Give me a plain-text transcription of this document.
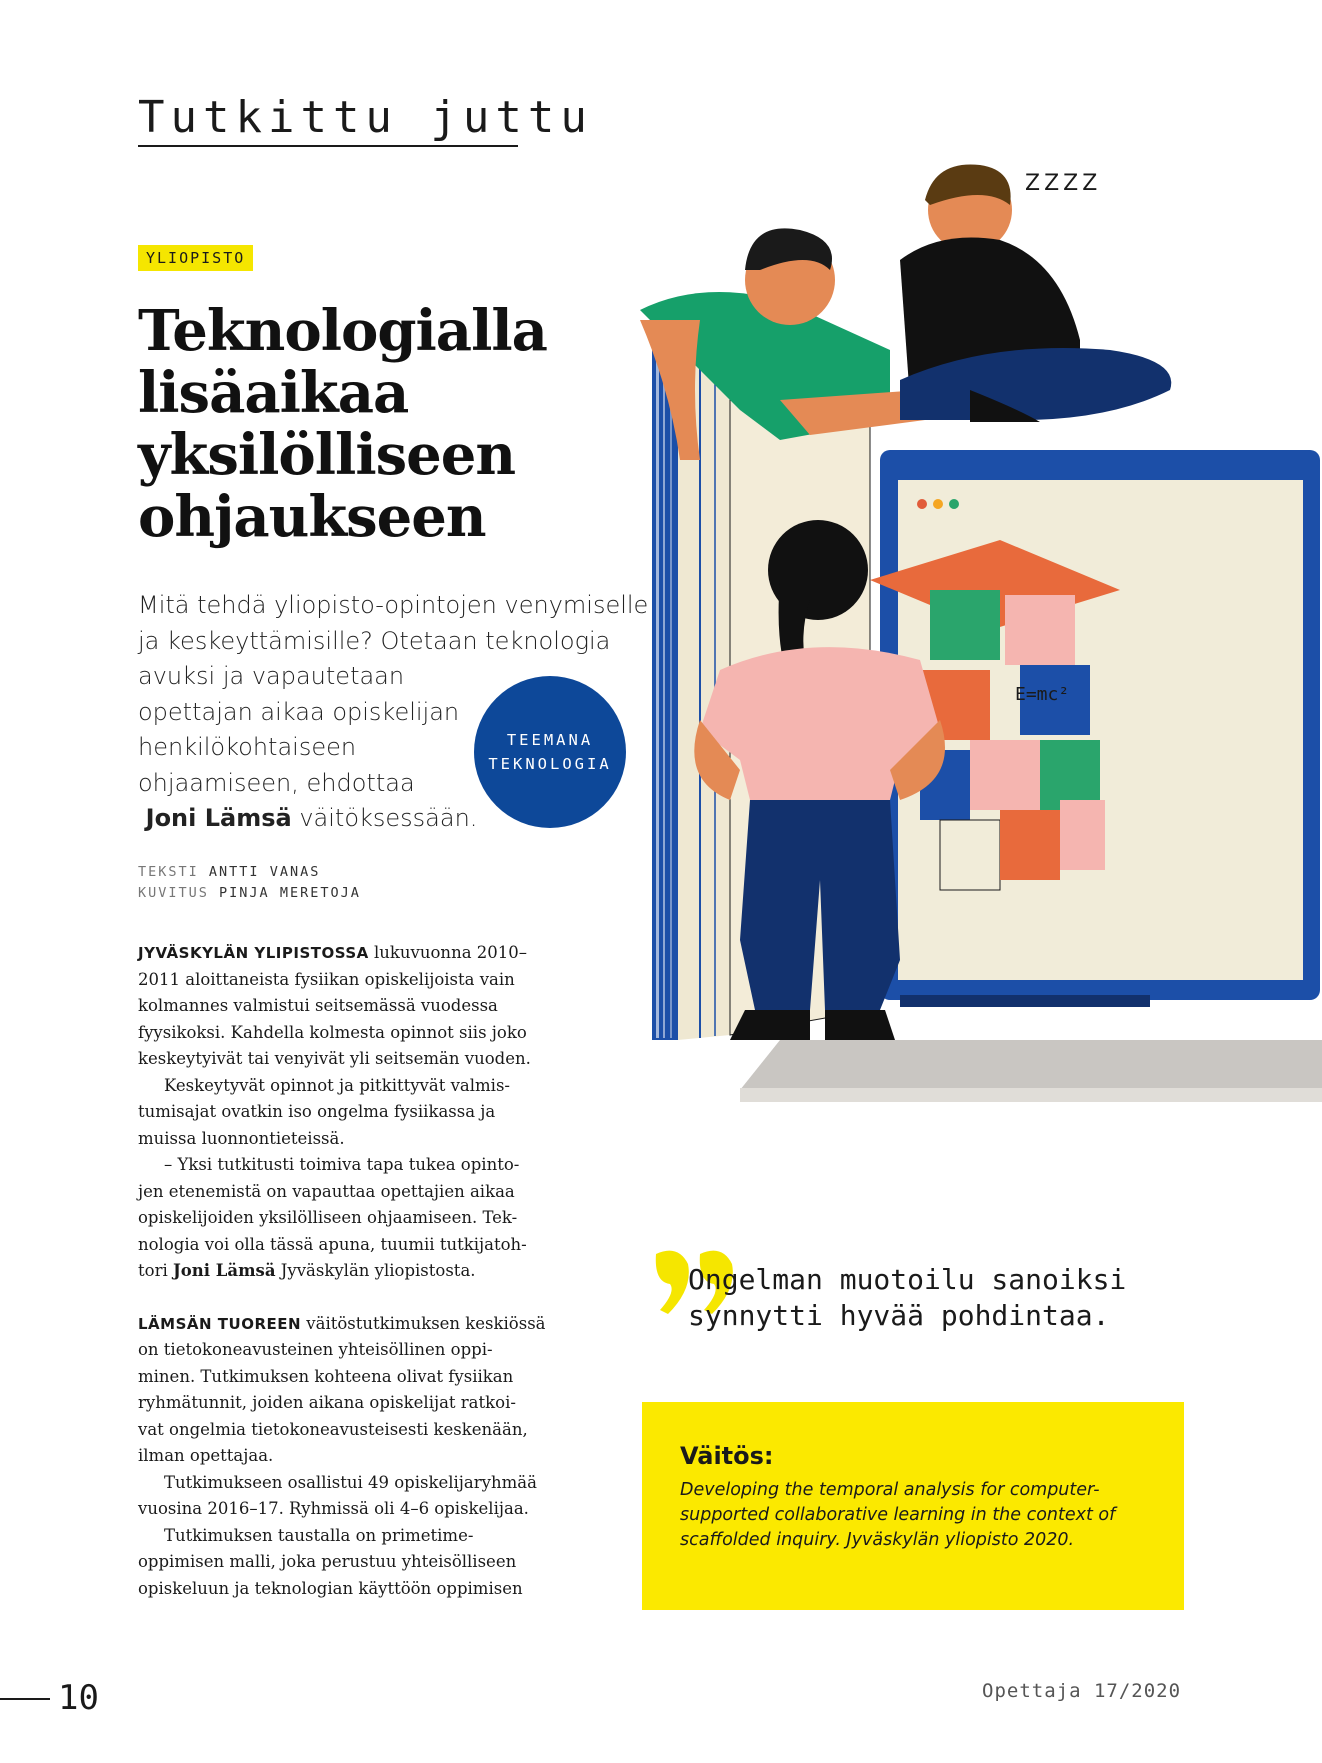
Tutkittu juttu
YLIOPISTO
Teknologialla
lisäaikaa
yksilölliseen
ohjaukseen
Mitä tehdä yliopisto-opintojen venymiselle
ja keskeyttämisille? Otetaan teknologia
avuksi ja vapautetaan
opettajan aikaa opiskelijan
henkilökohtaiseen
ohjaamiseen, ehdottaa
Joni Lämsä väitöksessään.
TEEMANA
TEKNOLOGIA
TEKSTI ANTTI VANAS
KUVITUS PINJA MERETOJA
JYVÄSKYLÄN YLIPISTOSSA lukuvuonna 2010–
2011 aloittaneista fysiikan opiskelijoista vain
kolmannes valmistui seitsemässä vuodessa
fyysikoksi. Kahdella kolmesta opinnot siis joko
keskeytyivät tai venyivät yli seitsemän vuoden.
Keskeytyvät opinnot ja pitkittyvät valmis-
tumisajat ovatkin iso ongelma fysiikassa ja
muissa luonnontieteissä.
– Yksi tutkitusti toimiva tapa tukea opinto-
jen etenemistä on vapauttaa opettajien aikaa
opiskelijoiden yksilölliseen ohjaamiseen. Tek-
nologia voi olla tässä apuna, tuumii tutkijatoh-
tori Joni Lämsä Jyväskylän yliopistosta.
LÄMSÄN TUOREEN väitöstutkimuksen keskiössä
on tietokoneavusteinen yhteisöllinen oppi-
minen. Tutkimuksen kohteena olivat fysiikan
ryhmätunnit, joiden aikana opiskelijat ratkoi-
vat ongelmia tietokoneavusteisesti keskenään,
ilman opettajaa.
Tutkimukseen osallistui 49 opiskelijaryhmää
vuosina 2016–17. Ryhmissä oli 4–6 opiskelijaa.
Tutkimuksen taustalla on primetime-
oppimisen malli, joka perustuu yhteisölliseen
opiskeluun ja teknologian käyttöön oppimisen
E=mc²
ZZZZ
Ongelman muotoilu sanoiksi
synnytti hyvää pohdintaa.
Väitös:
Developing the temporal analysis for computer-
supported collaborative learning in the context of
scaffolded inquiry. Jyväskylän yliopisto 2020.
10	Opettaja 17/2020
